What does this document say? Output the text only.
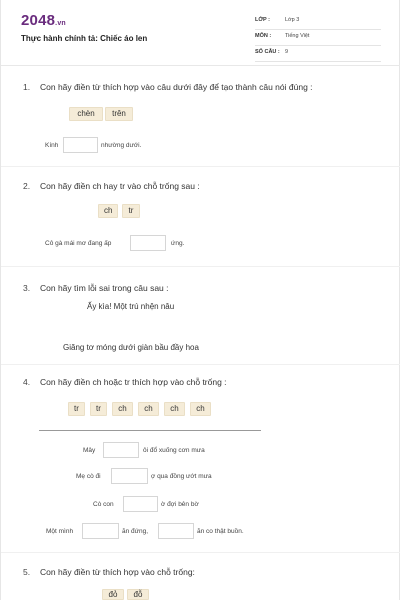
2048.vn
Thực hành chính tả: Chiếc áo len
LỚP :	Lớp 3
MÔN :	Tiếng Việt
SỐ CÂU : 9
1. Con hãy điền từ thích hợp vào câu dưới đây để tạo thành câu nói đúng :
chèn	trên
Kính	nhường dưới.
2. Con hãy điền ch hay tr vào chỗ trống sau :
ch	tr
Cô gà mái mơ đang ấp	ứng.
3. Con hãy tìm lỗi sai trong câu sau :
Ấy kìa! Một trú nhện nâu
Giăng tơ móng dưới giàn bầu đầy hoa
4. Con hãy điền ch hoặc tr thích hợp vào chỗ trống :
tr	tr	ch	ch	ch	ch
Mây	ôi đổ xuống cơn mưa
Mẹ cò đi	ợ qua đồng ướt mưa
Cò con	ờ đợi bên bờ
Một mình	ăn đứng,	ăn co thật buồn.
5. Con hãy điền từ thích hợp vào chỗ trống:
đỏ	đỗ
